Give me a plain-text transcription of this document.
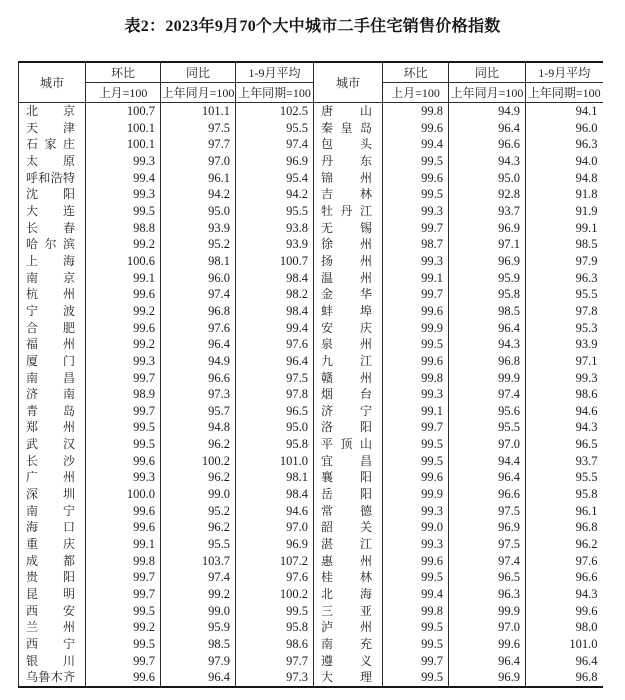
表2：2023年9月70个大中城市二手住宅销售价格指数
城市	环比	同比	1-9月平均	城市	环比	同比	1-9月平均
	上月=100	上年同月=100	上年同期=100		上月=100	上年同月=100	上年同期=100
北京	100.7	101.1	102.5	唐山	99.8	94.9	94.1
天津	100.1	97.5	95.5	秦皇岛	99.6	96.4	96.0
石家庄	100.1	97.7	97.4	包头	99.4	96.6	96.3
太原	99.3	97.0	96.9	丹东	99.5	94.3	94.0
呼和浩特	99.4	96.1	95.4	锦州	99.6	95.0	94.8
沈阳	99.3	94.2	94.2	吉林	99.5	92.8	91.8
大连	99.5	95.0	95.5	牡丹江	99.3	93.7	91.9
长春	98.8	93.9	93.8	无锡	99.7	96.9	99.1
哈尔滨	99.2	95.2	93.9	徐州	98.7	97.1	98.5
上海	100.6	98.1	100.7	扬州	99.3	96.9	97.9
南京	99.1	96.0	98.4	温州	99.1	95.9	96.3
杭州	99.6	97.4	98.2	金华	99.7	95.8	95.5
宁波	99.2	96.8	98.4	蚌埠	99.6	98.5	97.8
合肥	99.6	97.6	99.4	安庆	99.9	96.4	95.3
福州	99.2	96.4	97.6	泉州	99.5	94.3	93.9
厦门	99.3	94.9	96.4	九江	99.6	96.8	97.1
南昌	99.7	96.6	97.5	赣州	99.8	99.9	99.3
济南	98.9	97.3	97.8	烟台	99.3	97.4	98.6
青岛	99.7	95.7	96.5	济宁	99.1	95.6	94.6
郑州	99.5	94.8	95.0	洛阳	99.7	95.5	94.3
武汉	99.5	96.2	95.8	平顶山	99.5	97.0	96.5
长沙	99.6	100.2	101.0	宜昌	99.5	94.4	93.7
广州	99.3	96.2	98.1	襄阳	99.6	96.4	95.5
深圳	100.0	99.0	98.4	岳阳	99.9	96.6	95.8
南宁	99.6	95.2	94.6	常德	99.3	97.5	96.1
海口	99.6	96.2	97.0	韶关	99.0	96.9	96.8
重庆	99.1	95.5	96.9	湛江	99.3	97.5	96.2
成都	99.8	103.7	107.2	惠州	99.6	97.4	97.6
贵阳	99.7	97.4	97.6	桂林	99.5	96.5	96.6
昆明	99.7	99.2	100.2	北海	99.4	96.3	94.3
西安	99.5	99.0	99.5	三亚	99.8	99.9	99.6
兰州	99.2	95.9	95.8	泸州	99.5	97.0	98.0
西宁	99.5	98.5	98.6	南充	99.5	99.6	101.0
银川	99.7	97.9	97.7	遵义	99.7	96.4	96.4
乌鲁木齐	99.6	96.4	97.3	大理	99.5	96.9	96.8
